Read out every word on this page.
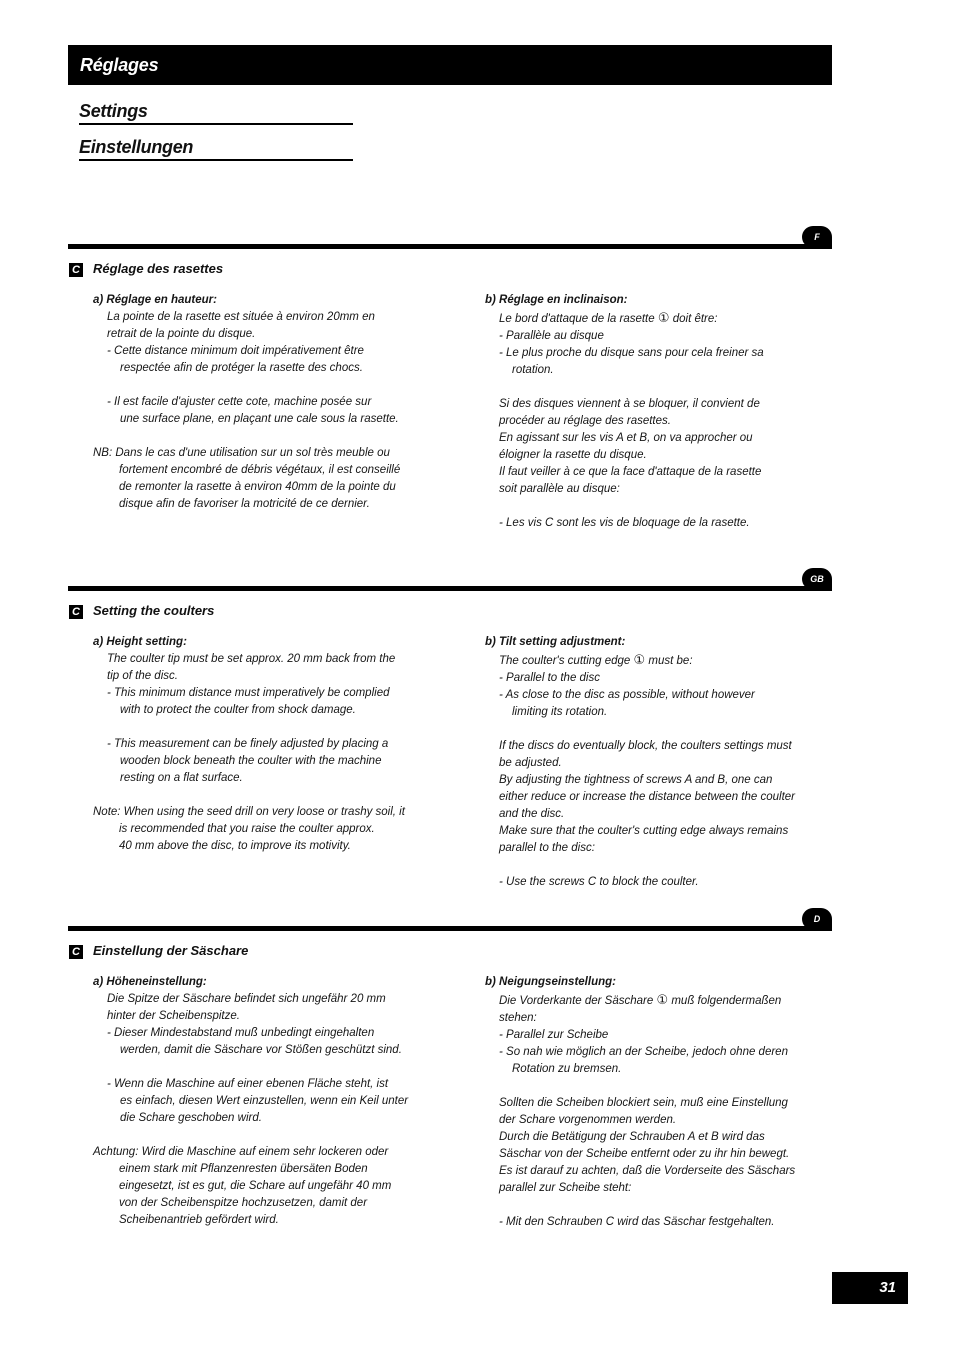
Réglages
Settings
Einstellungen
F
C Réglage des rasettes
a) Réglage en hauteur:
La pointe de la rasette est située à environ 20mm en
retrait de la pointe du disque.
- Cette distance minimum doit impérativement être
respectée afin de protéger la rasette des chocs.
- Il est facile d'ajuster cette cote, machine posée sur
une surface plane, en plaçant une cale sous la rasette.
NB: Dans le cas d'une utilisation sur un sol très meuble ou
fortement encombré de débris végétaux, il est conseillé
de remonter la rasette à environ 40mm de la pointe du
disque afin de favoriser la motricité de ce dernier.
b) Réglage en inclinaison:
Le bord d'attaque de la rasette ① doit être:
- Parallèle au disque
- Le plus proche du disque sans pour cela freiner sa
rotation.
Si des disques viennent à se bloquer, il convient de
procéder au réglage des rasettes.
En agissant sur les vis A et B, on va approcher ou
éloigner la rasette du disque.
Il faut veiller à ce que la face d'attaque de la rasette
soit parallèle au disque:
- Les vis C sont les vis de bloquage de la rasette.
GB
C Setting the coulters
a) Height setting:
The coulter tip must be set approx. 20 mm back from the
tip of the disc.
- This minimum distance must imperatively be complied
with to protect the coulter from shock damage.
- This measurement can be finely adjusted by placing a
wooden block beneath the coulter with the machine
resting on a flat surface.
Note: When using the seed drill on very loose or trashy soil, it
is recommended that you raise the coulter approx.
40 mm above the disc, to improve its motivity.
b) Tilt setting adjustment:
The coulter's cutting edge ① must be:
- Parallel to the disc
- As close to the disc as possible, without however
limiting its rotation.
If the discs do eventually block, the coulters settings must
be adjusted.
By adjusting the tightness of screws A and B, one can
either reduce or increase the distance between the coulter
and the disc.
Make sure that the coulter's cutting edge always remains
parallel to the disc:
- Use the screws C to block the coulter.
D
C Einstellung der Säschare
a) Höheneinstellung:
Die Spitze der Säschare befindet sich ungefähr 20 mm
hinter der Scheibenspitze.
- Dieser Mindestabstand muß unbedingt eingehalten
werden, damit die Säschare vor Stößen geschützt sind.
- Wenn die Maschine auf einer ebenen Fläche steht, ist
es einfach, diesen Wert einzustellen, wenn ein Keil unter
die Schare geschoben wird.
Achtung: Wird die Maschine auf einem sehr lockeren oder
einem stark mit Pflanzenresten übersäten Boden
eingesetzt, ist es gut, die Schare auf ungefähr 40 mm
von der Scheibenspitze hochzusetzen, damit der
Scheibenantrieb gefördert wird.
b) Neigungseinstellung:
Die Vorderkante der Säschare ① muß folgendermaßen
stehen:
- Parallel zur Scheibe
- So nah wie möglich an der Scheibe, jedoch ohne deren
Rotation zu bremsen.
Sollten die Scheiben blockiert sein, muß eine Einstellung
der Schare vorgenommen werden.
Durch die Betätigung der Schrauben A et B wird das
Säschar von der Scheibe entfernt oder zu ihr hin bewegt.
Es ist darauf zu achten, daß die Vorderseite des Säschars
parallel zur Scheibe steht:
- Mit den Schrauben C wird das Säschar festgehalten.
31
